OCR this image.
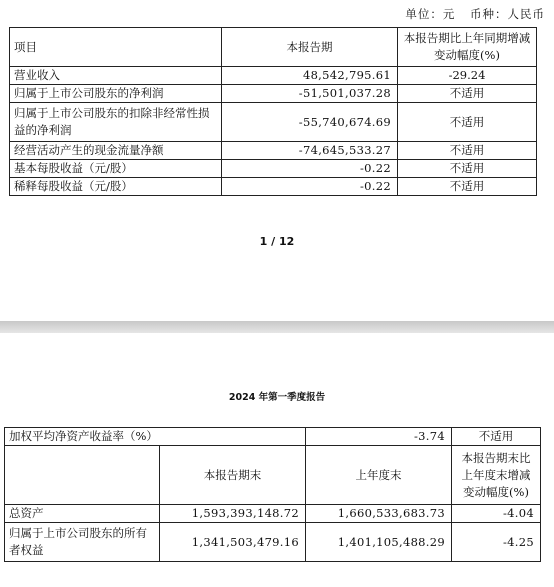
单位：元 币种：人民币
项目	本报告期	本报告期比上年同期增减变动幅度(%)
营业收入	48,542,795.61	-29.24
归属于上市公司股东的净利润	-51,501,037.28	不适用
归属于上市公司股东的扣除非经常性损益的净利润	-55,740,674.69	不适用
经营活动产生的现金流量净额	-74,645,533.27	不适用
基本每股收益（元/股）	-0.22	不适用
稀释每股收益（元/股）	-0.22	不适用
1 / 12
2024 年第一季度报告
加权平均净资产收益率（%）		-3.74	不适用
	本报告期末	上年度末	本报告期末比上年度末增减变动幅度(%)
总资产	1,593,393,148.72	1,660,533,683.73	-4.04
归属于上市公司股东的所有者权益	1,341,503,479.16	1,401,105,488.29	-4.25
